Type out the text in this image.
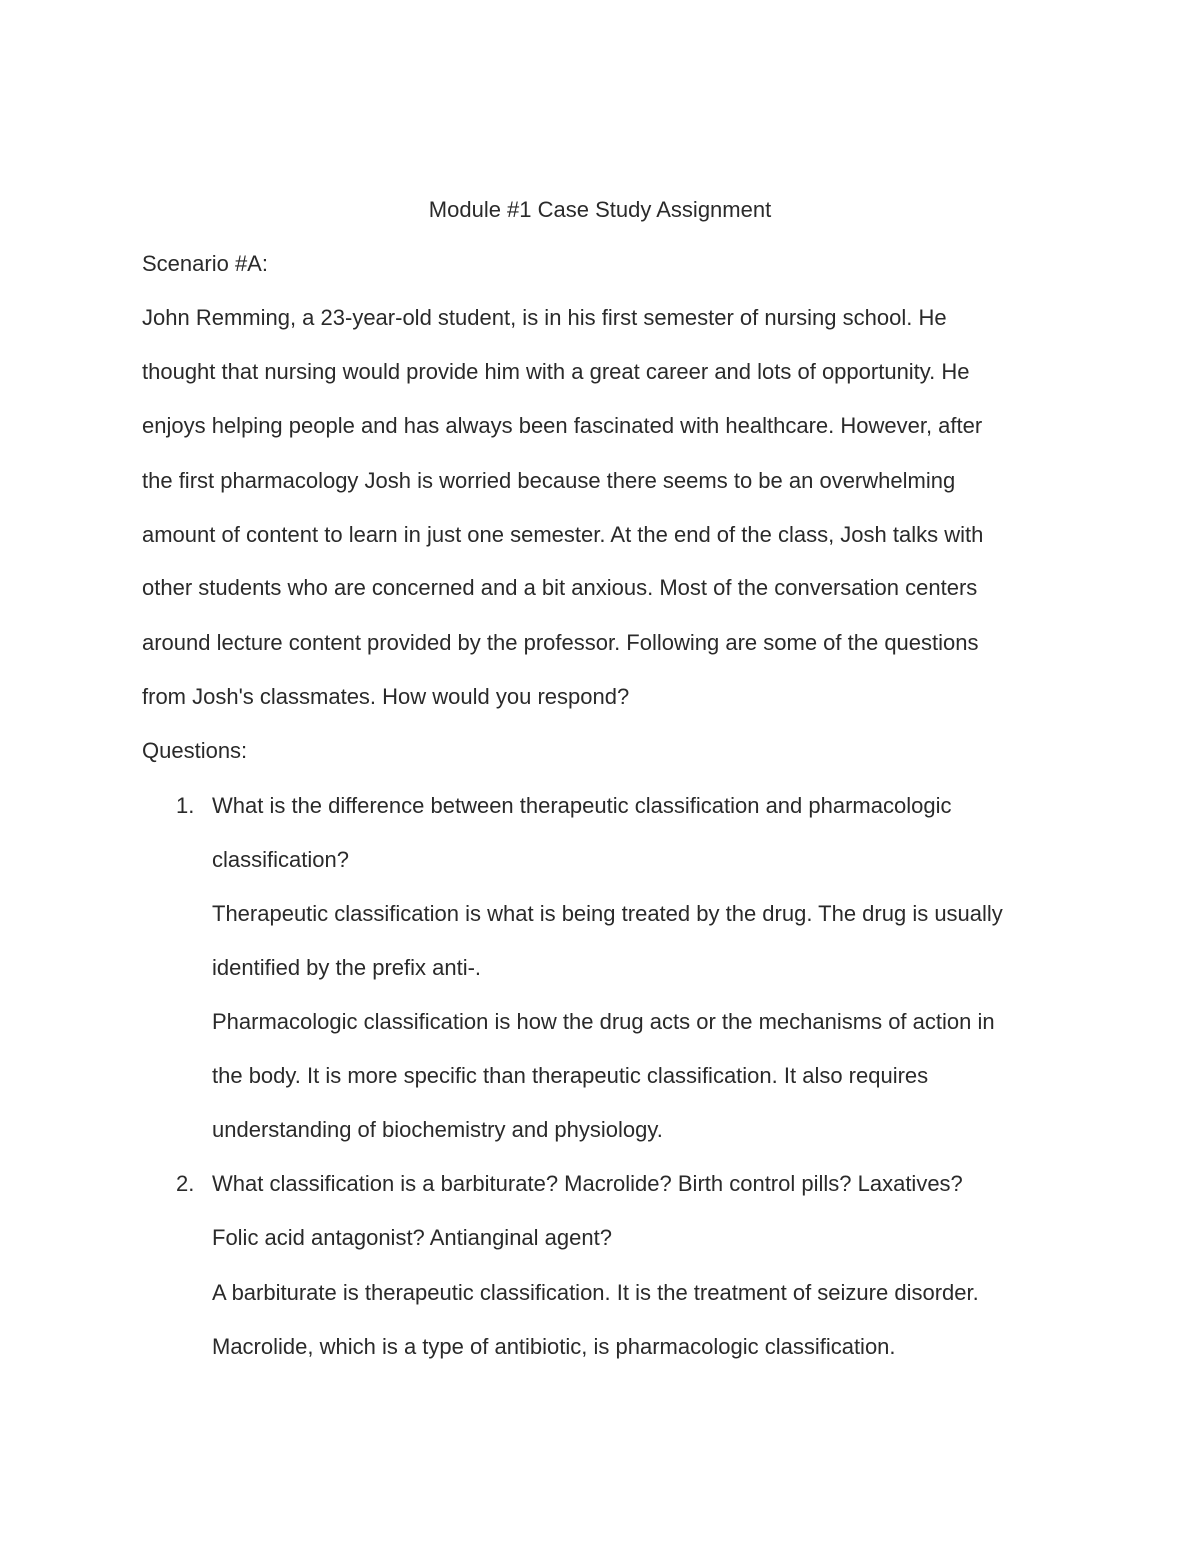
Module #1 Case Study Assignment
Scenario #A:
John Remming, a 23-year-old student, is in his first semester of nursing school. He
thought that nursing would provide him with a great career and lots of opportunity. He
enjoys helping people and has always been fascinated with healthcare. However, after
the first pharmacology Josh is worried because there seems to be an overwhelming
amount of content to learn in just one semester. At the end of the class, Josh talks with
other students who are concerned and a bit anxious. Most of the conversation centers
around lecture content provided by the professor. Following are some of the questions
from Josh's classmates. How would you respond?
Questions:
1. What is the difference between therapeutic classification and pharmacologic
classification?
Therapeutic classification is what is being treated by the drug. The drug is usually
identified by the prefix anti-.
Pharmacologic classification is how the drug acts or the mechanisms of action in
the body. It is more specific than therapeutic classification. It also requires
understanding of biochemistry and physiology.
2. What classification is a barbiturate? Macrolide? Birth control pills? Laxatives?
Folic acid antagonist? Antianginal agent?
A barbiturate is therapeutic classification. It is the treatment of seizure disorder.
Macrolide, which is a type of antibiotic, is pharmacologic classification.
